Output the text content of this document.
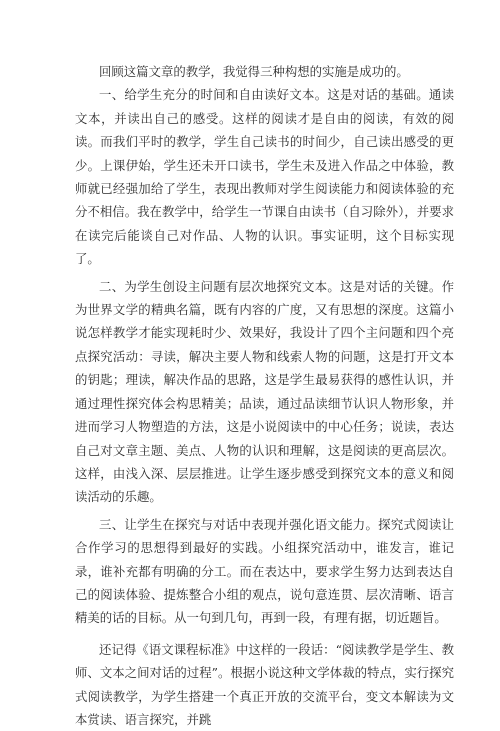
回顾这篇文章的教学，我觉得三种构想的实施是成功的。

一、给学生充分的时间和自由读好文本。这是对话的基础。通读文本，并读出自己的感受。这样的阅读才是自由的阅读，有效的阅读。而我们平时的教学，学生自己读书的时间少，自己读出感受的更少。上课伊始，学生还未开口读书，学生未及进入作品之中体验，教师就已经强加给了学生，表现出教师对学生阅读能力和阅读体验的充分不相信。我在教学中，给学生一节课自由读书（自习除外），并要求在读完后能谈自己对作品、人物的认识。事实证明，这个目标实现了。

二、为学生创设主问题有层次地探究文本。这是对话的关键。作为世界文学的精典名篇，既有内容的广度，又有思想的深度。这篇小说怎样教学才能实现耗时少、效果好，我设计了四个主问题和四个亮点探究活动：寻读，解决主要人物和线索人物的问题，这是打开文本的钥匙；理读，解决作品的思路，这是学生最易获得的感性认识，并通过理性探究体会构思精美；品读，通过品读细节认识人物形象，并进而学习人物塑造的方法，这是小说阅读中的中心任务；说读，表达自己对文章主题、美点、人物的认识和理解，这是阅读的更高层次。这样，由浅入深、层层推进。让学生逐步感受到探究文本的意义和阅读活动的乐趣。

三、让学生在探究与对话中表现并强化语文能力。探究式阅读让合作学习的思想得到最好的实践。小组探究活动中，谁发言，谁记录，谁补充都有明确的分工。而在表达中，要求学生努力达到表达自己的阅读体验、提炼整合小组的观点，说句意连贯、层次清晰、语言精美的话的目标。从一句到几句，再到一段，有理有据，切近题旨。

还记得《语文课程标准》中这样的一段话：“阅读教学是学生、教师、文本之间对话的过程”。根据小说这种文学体裁的特点，实行探究式阅读教学，为学生搭建一个真正开放的交流平台，变文本解读为文本赏读、语言探究，并跳
